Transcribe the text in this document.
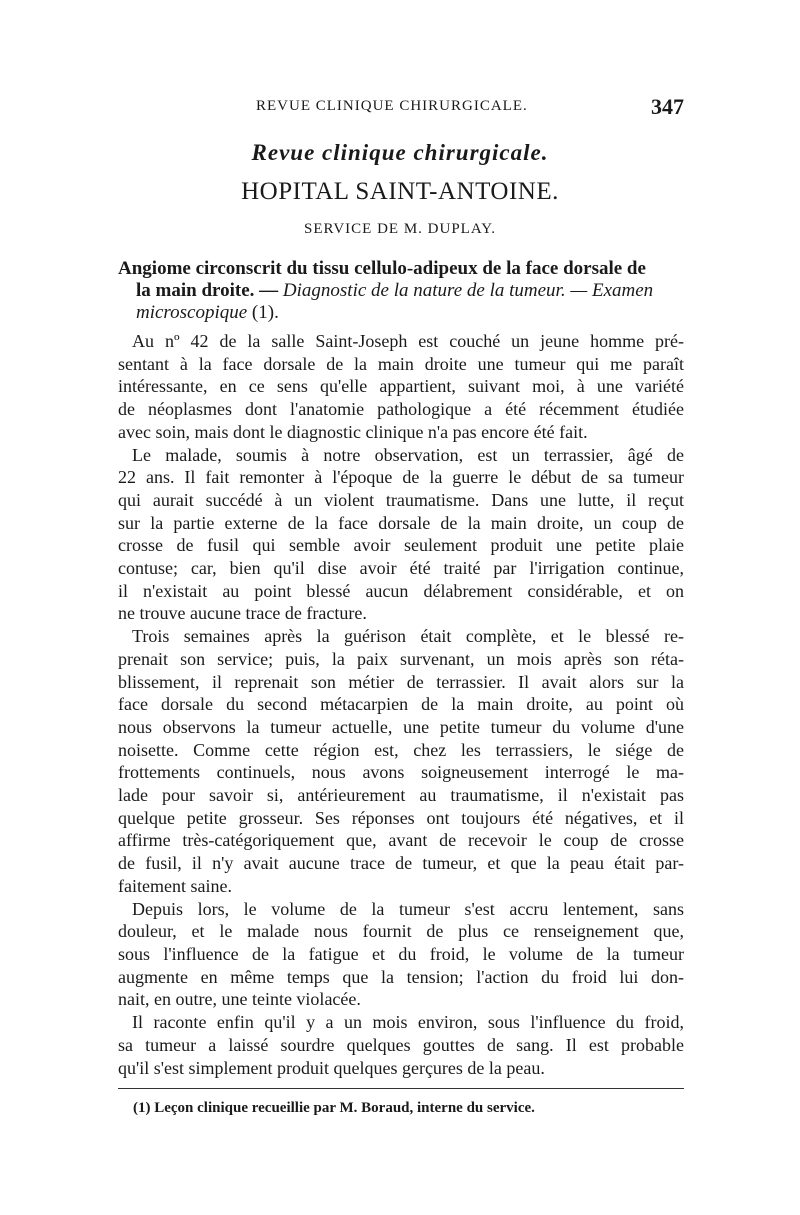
REVUE CLINIQUE CHIRURGICALE.	347
Revue clinique chirurgicale.
HOPITAL SAINT-ANTOINE.
SERVICE DE M. DUPLAY.
Angiome circonscrit du tissu cellulo-adipeux de la face dorsale de
la main droite. — Diagnostic de la nature de la tumeur. — Examen
microscopique (1).
Au nº 42 de la salle Saint-Joseph est couché un jeune homme pré-
sentant à la face dorsale de la main droite une tumeur qui me paraît
intéressante, en ce sens qu'elle appartient, suivant moi, à une variété
de néoplasmes dont l'anatomie pathologique a été récemment étudiée
avec soin, mais dont le diagnostic clinique n'a pas encore été fait.
Le malade, soumis à notre observation, est un terrassier, âgé de
22 ans. Il fait remonter à l'époque de la guerre le début de sa tumeur
qui aurait succédé à un violent traumatisme. Dans une lutte, il reçut
sur la partie externe de la face dorsale de la main droite, un coup de
crosse de fusil qui semble avoir seulement produit une petite plaie
contuse; car, bien qu'il dise avoir été traité par l'irrigation continue,
il n'existait au point blessé aucun délabrement considérable, et on
ne trouve aucune trace de fracture.
Trois semaines après la guérison était complète, et le blessé re-
prenait son service; puis, la paix survenant, un mois après son réta-
blissement, il reprenait son métier de terrassier. Il avait alors sur la
face dorsale du second métacarpien de la main droite, au point où
nous observons la tumeur actuelle, une petite tumeur du volume d'une
noisette. Comme cette région est, chez les terrassiers, le siége de
frottements continuels, nous avons soigneusement interrogé le ma-
lade pour savoir si, antérieurement au traumatisme, il n'existait pas
quelque petite grosseur. Ses réponses ont toujours été négatives, et il
affirme très-catégoriquement que, avant de recevoir le coup de crosse
de fusil, il n'y avait aucune trace de tumeur, et que la peau était par-
faitement saine.
Depuis lors, le volume de la tumeur s'est accru lentement, sans
douleur, et le malade nous fournit de plus ce renseignement que,
sous l'influence de la fatigue et du froid, le volume de la tumeur
augmente en même temps que la tension; l'action du froid lui don-
nait, en outre, une teinte violacée.
Il raconte enfin qu'il y a un mois environ, sous l'influence du froid,
sa tumeur a laissé sourdre quelques gouttes de sang. Il est probable
qu'il s'est simplement produit quelques gerçures de la peau.
(1) Leçon clinique recueillie par M. Boraud, interne du service.
